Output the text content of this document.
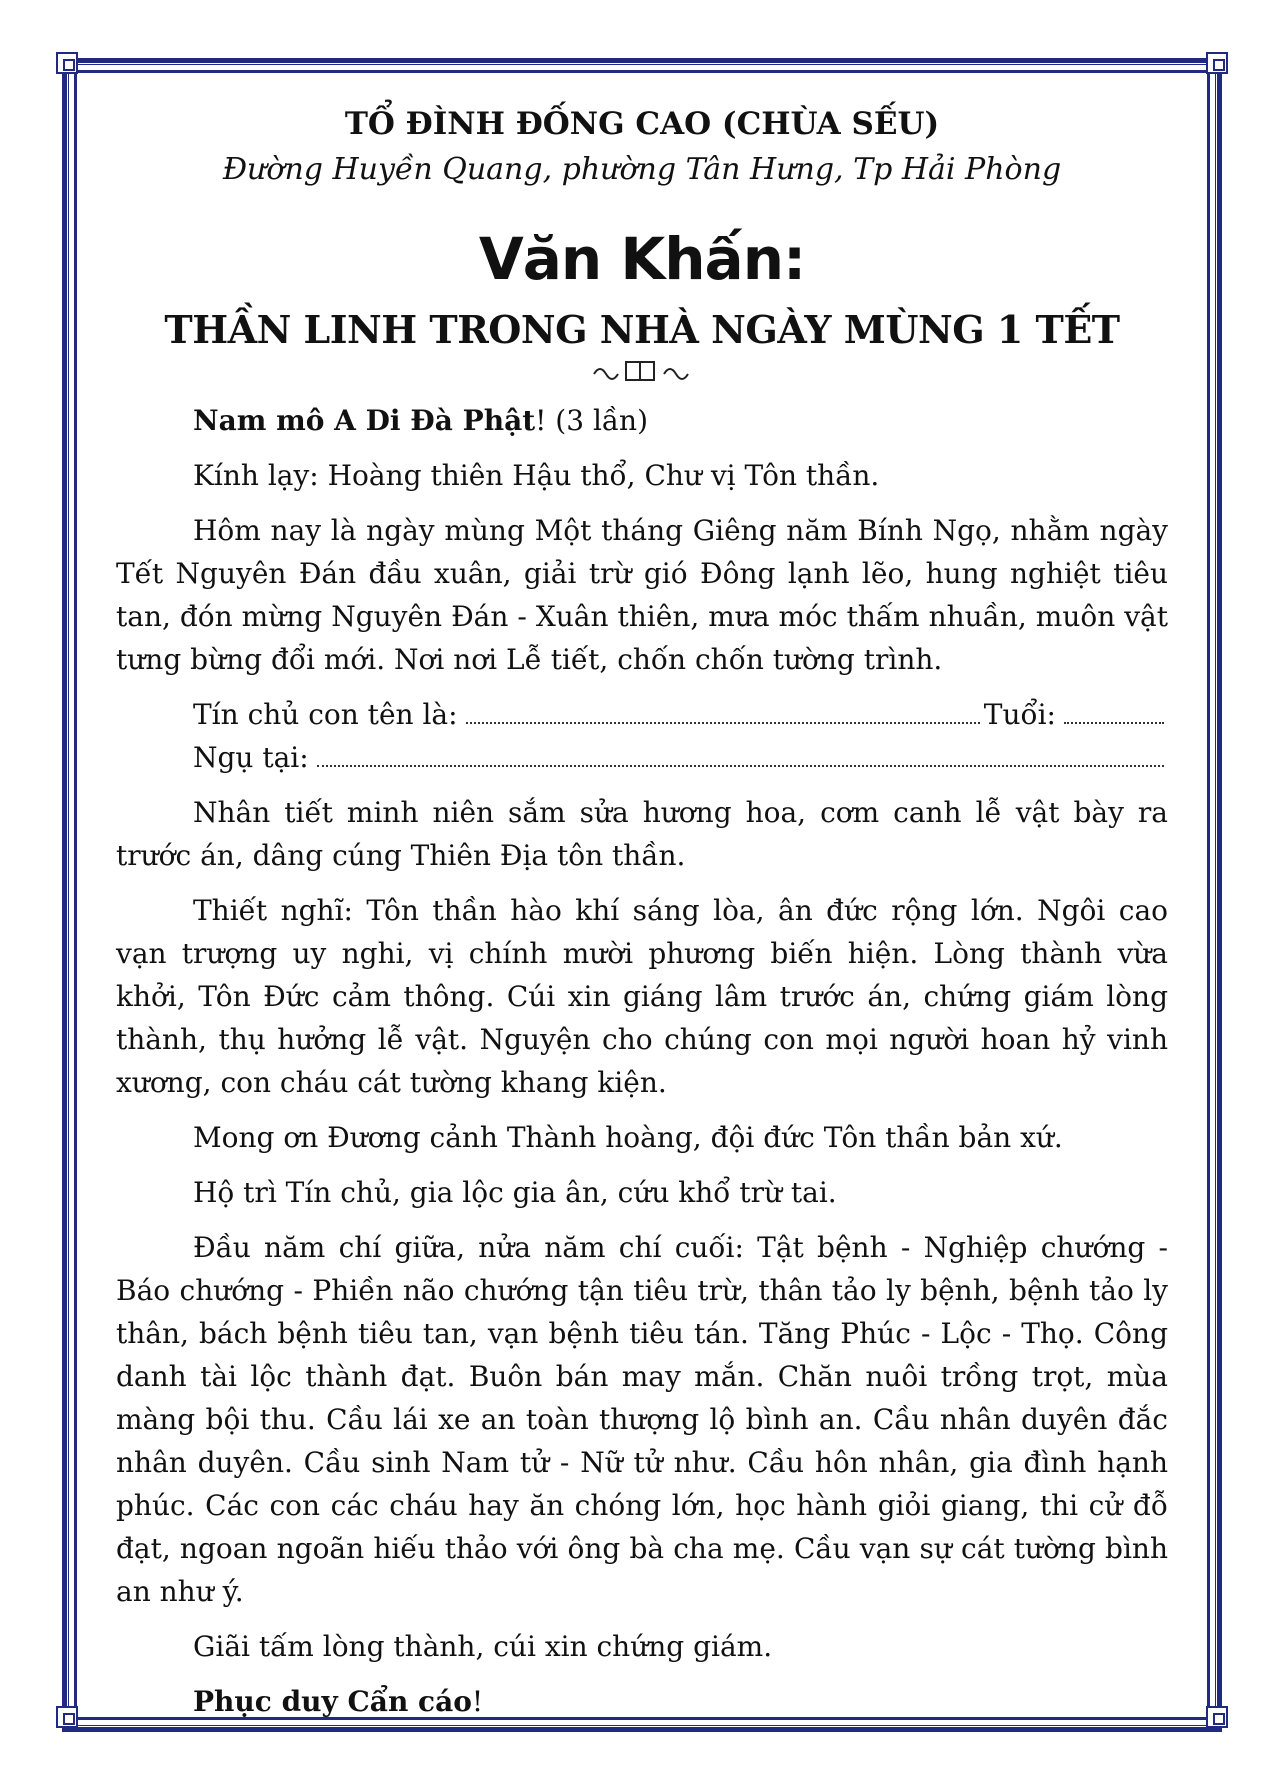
TỔ ĐÌNH ĐỐNG CAO (CHÙA SẾU)
Đường Huyền Quang, phường Tân Hưng, Tp Hải Phòng
Văn Khấn:
THẦN LINH TRONG NHÀ NGÀY MÙNG 1 TẾT

Nam mô A Di Đà Phật! (3 lần)

Kính lạy: Hoàng thiên Hậu thổ, Chư vị Tôn thần.

Hôm nay là ngày mùng Một tháng Giêng năm Bính Ngọ, nhằm ngày Tết Nguyên Đán đầu xuân, giải trừ gió Đông lạnh lẽo, hung nghiệt tiêu tan, đón mừng Nguyên Đán - Xuân thiên, mưa móc thấm nhuần, muôn vật tưng bừng đổi mới. Nơi nơi Lễ tiết, chốn chốn tường trình.

Tín chủ con tên là:	Tuổi:
Ngụ tại:

Nhân tiết minh niên sắm sửa hương hoa, cơm canh lễ vật bày ra trước án, dâng cúng Thiên Địa tôn thần.

Thiết nghĩ: Tôn thần hào khí sáng lòa, ân đức rộng lớn. Ngôi cao vạn trượng uy nghi, vị chính mười phương biến hiện. Lòng thành vừa khởi, Tôn Đức cảm thông. Cúi xin giáng lâm trước án, chứng giám lòng thành, thụ hưởng lễ vật. Nguyện cho chúng con mọi người hoan hỷ vinh xương, con cháu cát tường khang kiện.

Mong ơn Đương cảnh Thành hoàng, đội đức Tôn thần bản xứ.

Hộ trì Tín chủ, gia lộc gia ân, cứu khổ trừ tai.

Đầu năm chí giữa, nửa năm chí cuối: Tật bệnh - Nghiệp chướng - Báo chướng - Phiền não chướng tận tiêu trừ, thân tảo ly bệnh, bệnh tảo ly thân, bách bệnh tiêu tan, vạn bệnh tiêu tán. Tăng Phúc - Lộc - Thọ. Công danh tài lộc thành đạt. Buôn bán may mắn. Chăn nuôi trồng trọt, mùa màng bội thu. Cầu lái xe an toàn thượng lộ bình an. Cầu nhân duyên đắc nhân duyên. Cầu sinh Nam tử - Nữ tử như. Cầu hôn nhân, gia đình hạnh phúc. Các con các cháu hay ăn chóng lớn, học hành giỏi giang, thi cử đỗ đạt, ngoan ngoãn hiếu thảo với ông bà cha mẹ. Cầu vạn sự cát tường bình an như ý.

Giãi tấm lòng thành, cúi xin chứng giám.

Phục duy Cẩn cáo!
